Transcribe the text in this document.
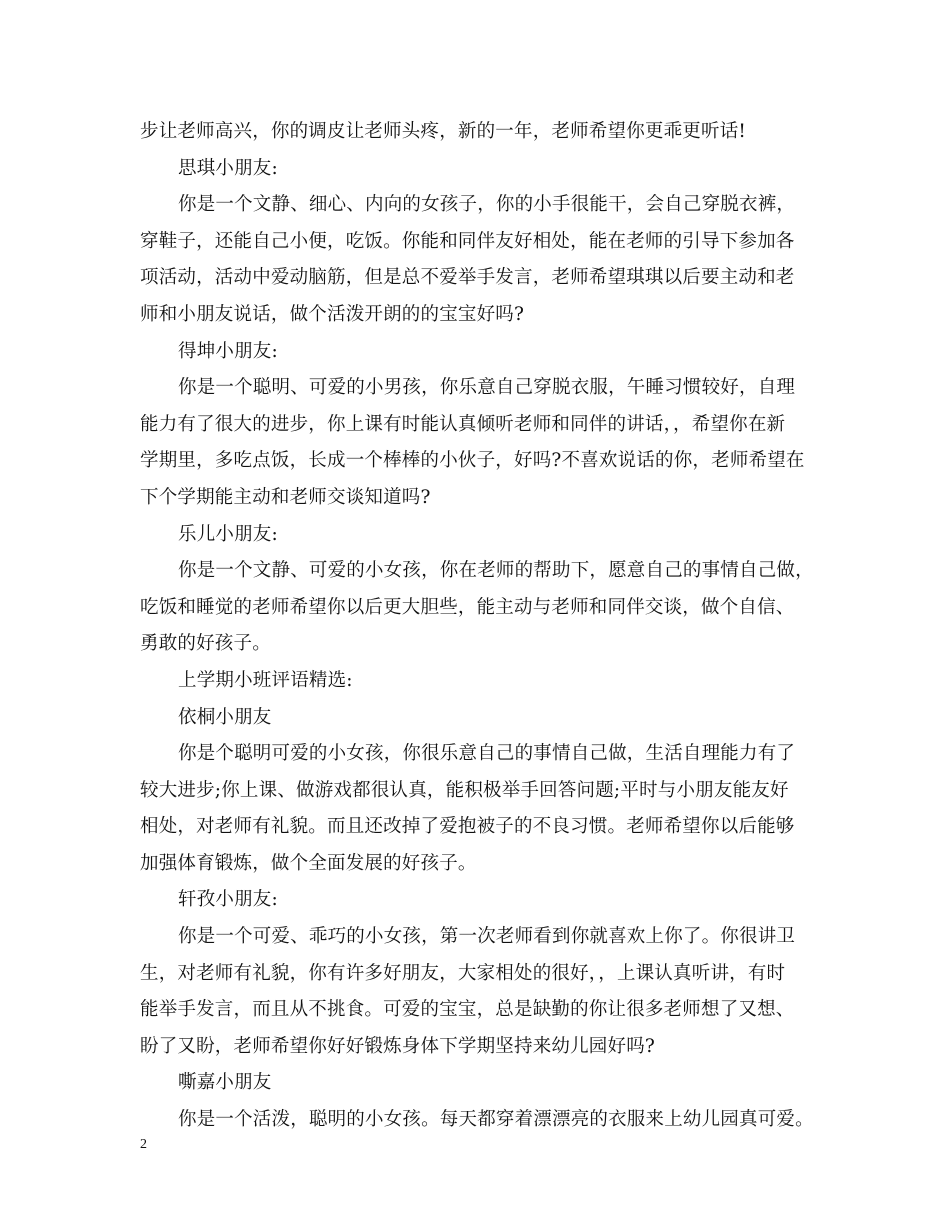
步让老师高兴，你的调皮让老师头疼，新的一年，老师希望你更乖更听话!
思琪小朋友:
你是一个文静、细心、内向的女孩子，你的小手很能干，会自己穿脱衣裤，
穿鞋子，还能自己小便，吃饭。你能和同伴友好相处，能在老师的引导下参加各
项活动，活动中爱动脑筋，但是总不爱举手发言，老师希望琪琪以后要主动和老
师和小朋友说话，做个活泼开朗的的宝宝好吗?
得坤小朋友:
你是一个聪明、可爱的小男孩，你乐意自己穿脱衣服，午睡习惯较好，自理
能力有了很大的进步，你上课有时能认真倾听老师和同伴的讲话，，希望你在新
学期里，多吃点饭，长成一个棒棒的小伙子，好吗?不喜欢说话的你，老师希望在
下个学期能主动和老师交谈知道吗?
乐儿小朋友:
你是一个文静、可爱的小女孩，你在老师的帮助下，愿意自己的事情自己做，
吃饭和睡觉的老师希望你以后更大胆些，能主动与老师和同伴交谈，做个自信、
勇敢的好孩子。
上学期小班评语精选:
依桐小朋友
你是个聪明可爱的小女孩，你很乐意自己的事情自己做，生活自理能力有了
较大进步;你上课、做游戏都很认真，能积极举手回答问题;平时与小朋友能友好
相处，对老师有礼貌。而且还改掉了爱抱被子的不良习惯。老师希望你以后能够
加强体育锻炼，做个全面发展的好孩子。
轩孜小朋友:
你是一个可爱、乖巧的小女孩，第一次老师看到你就喜欢上你了。你很讲卫
生，对老师有礼貌，你有许多好朋友，大家相处的很好，，上课认真听讲，有时
能举手发言，而且从不挑食。可爱的宝宝，总是缺勤的你让很多老师想了又想、
盼了又盼，老师希望你好好锻炼身体下学期坚持来幼儿园好吗?
嘶嘉小朋友
你是一个活泼，聪明的小女孩。每天都穿着漂漂亮的衣服来上幼儿园真可爱。
2
